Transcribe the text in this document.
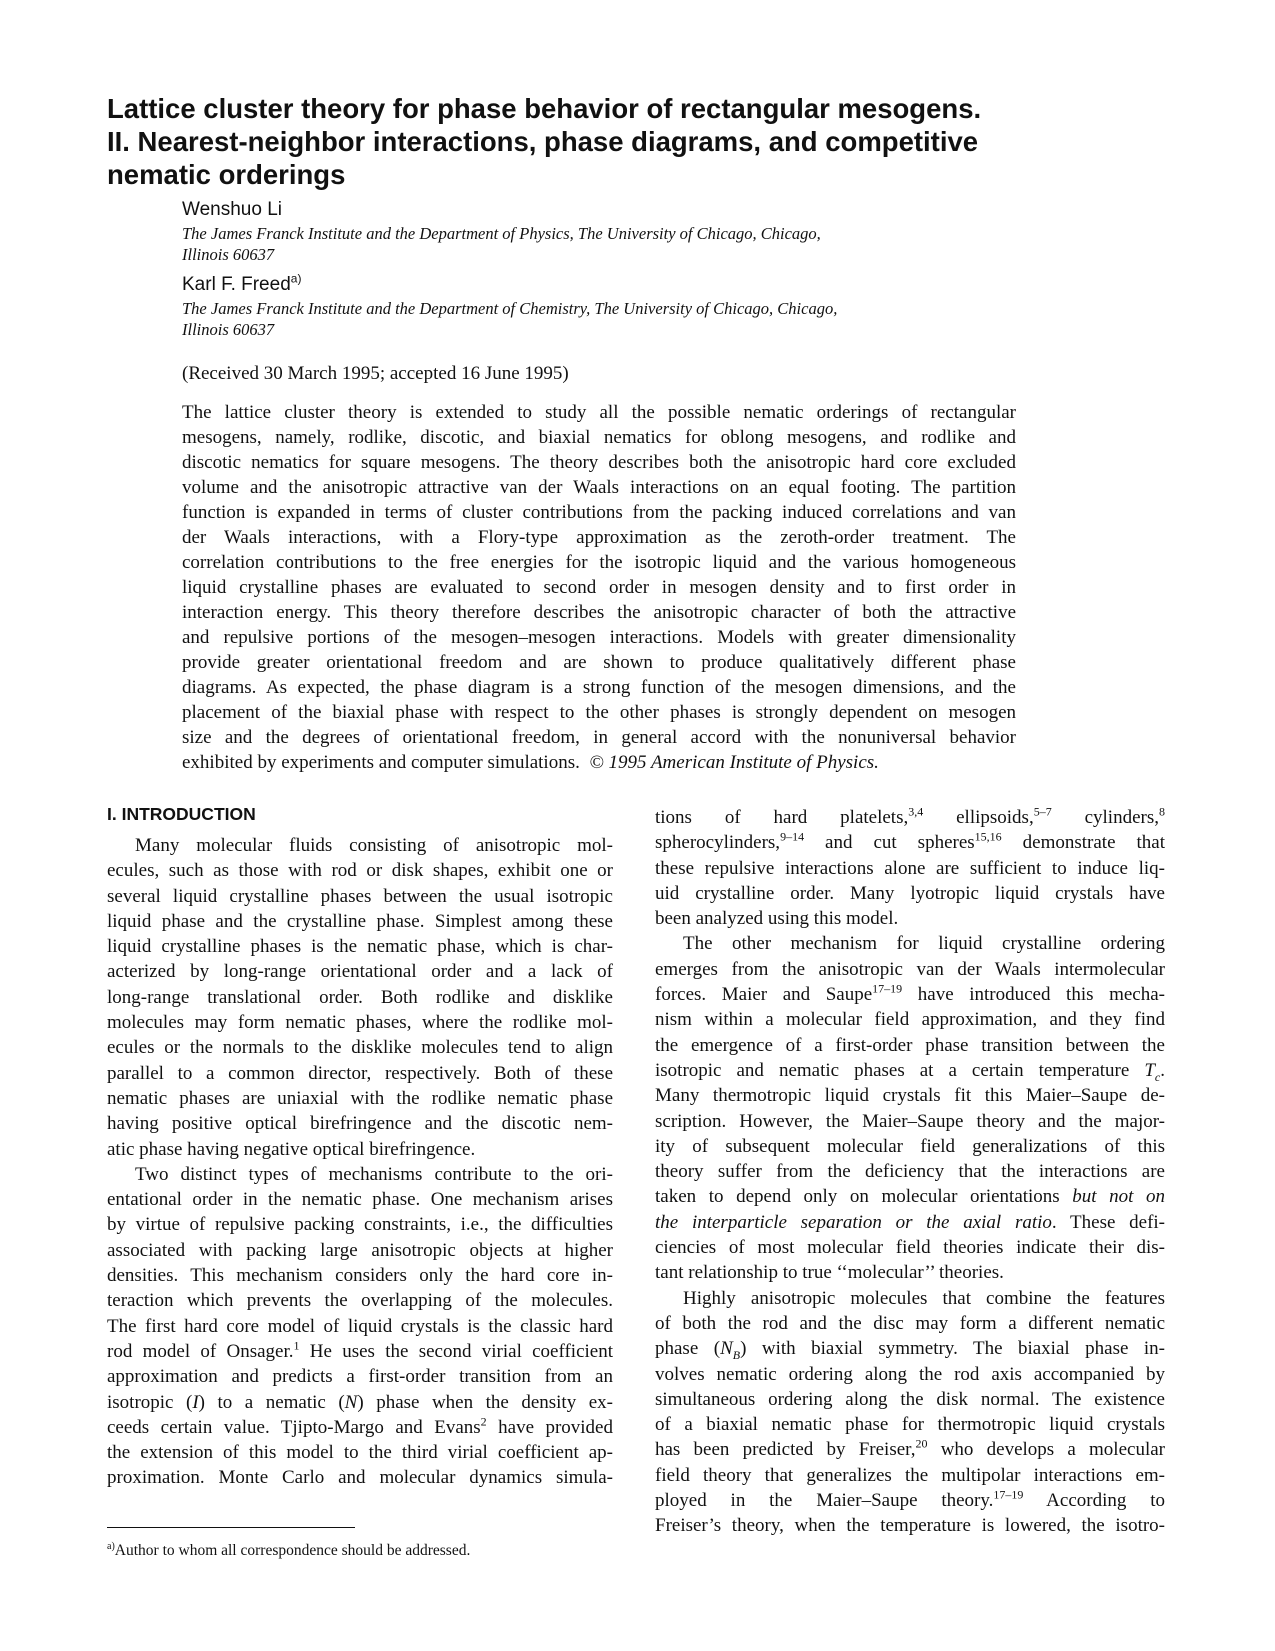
Lattice cluster theory for phase behavior of rectangular mesogens.
II. Nearest-neighbor interactions, phase diagrams, and competitive
nematic orderings
Wenshuo Li
The James Franck Institute and the Department of Physics, The University of Chicago, Chicago,
Illinois 60637
Karl F. Freed$^{a)}$
The James Franck Institute and the Department of Chemistry, The University of Chicago, Chicago,
Illinois 60637
(Received 30 March 1995; accepted 16 June 1995)
The lattice cluster theory is extended to study all the possible nematic orderings of rectangular
mesogens, namely, rodlike, discotic, and biaxial nematics for oblong mesogens, and rodlike and
discotic nematics for square mesogens. The theory describes both the anisotropic hard core excluded
volume and the anisotropic attractive van der Waals interactions on an equal footing. The partition
function is expanded in terms of cluster contributions from the packing induced correlations and van
der Waals interactions, with a Flory-type approximation as the zeroth-order treatment. The
correlation contributions to the free energies for the isotropic liquid and the various homogeneous
liquid crystalline phases are evaluated to second order in mesogen density and to first order in
interaction energy. This theory therefore describes the anisotropic character of both the attractive
and repulsive portions of the mesogen–mesogen interactions. Models with greater dimensionality
provide greater orientational freedom and are shown to produce qualitatively different phase
diagrams. As expected, the phase diagram is a strong function of the mesogen dimensions, and the
placement of the biaxial phase with respect to the other phases is strongly dependent on mesogen
size and the degrees of orientational freedom, in general accord with the nonuniversal behavior
exhibited by experiments and computer simulations. © 1995 American Institute of Physics.
I. INTRODUCTION
Many molecular fluids consisting of anisotropic mol-
ecules, such as those with rod or disk shapes, exhibit one or
several liquid crystalline phases between the usual isotropic
liquid phase and the crystalline phase. Simplest among these
liquid crystalline phases is the nematic phase, which is char-
acterized by long-range orientational order and a lack of
long-range translational order. Both rodlike and disklike
molecules may form nematic phases, where the rodlike mol-
ecules or the normals to the disklike molecules tend to align
parallel to a common director, respectively. Both of these
nematic phases are uniaxial with the rodlike nematic phase
having positive optical birefringence and the discotic nem-
atic phase having negative optical birefringence.
Two distinct types of mechanisms contribute to the ori-
entational order in the nematic phase. One mechanism arises
by virtue of repulsive packing constraints, i.e., the difficulties
associated with packing large anisotropic objects at higher
densities. This mechanism considers only the hard core in-
teraction which prevents the overlapping of the molecules.
The first hard core model of liquid crystals is the classic hard
rod model of Onsager.$^1$ He uses the second virial coefficient
approximation and predicts a first-order transition from an
isotropic (I) to a nematic (N) phase when the density ex-
ceeds certain value. Tjipto-Margo and Evans$^2$ have provided
the extension of this model to the third virial coefficient ap-
proximation. Monte Carlo and molecular dynamics simula-
tions of hard platelets,$^{3,4}$ ellipsoids,$^{5-7}$ cylinders,$^8$
spherocylinders,$^{9-14}$ and cut spheres$^{15,16}$ demonstrate that
these repulsive interactions alone are sufficient to induce liq-
uid crystalline order. Many lyotropic liquid crystals have
been analyzed using this model.
The other mechanism for liquid crystalline ordering
emerges from the anisotropic van der Waals intermolecular
forces. Maier and Saupe$^{17-19}$ have introduced this mecha-
nism within a molecular field approximation, and they find
the emergence of a first-order phase transition between the
isotropic and nematic phases at a certain temperature $T_c$.
Many thermotropic liquid crystals fit this Maier–Saupe de-
scription. However, the Maier–Saupe theory and the major-
ity of subsequent molecular field generalizations of this
theory suffer from the deficiency that the interactions are
taken to depend only on molecular orientations but not on
the interparticle separation or the axial ratio. These defi-
ciencies of most molecular field theories indicate their dis-
tant relationship to true ‘‘molecular’’ theories.
Highly anisotropic molecules that combine the features
of both the rod and the disc may form a different nematic
phase $(N_B)$ with biaxial symmetry. The biaxial phase in-
volves nematic ordering along the rod axis accompanied by
simultaneous ordering along the disk normal. The existence
of a biaxial nematic phase for thermotropic liquid crystals
has been predicted by Freiser,$^{20}$ who develops a molecular
field theory that generalizes the multipolar interactions em-
ployed in the Maier–Saupe theory.$^{17-19}$ According to
Freiser’s theory, when the temperature is lowered, the isotro-
$^{a)}$Author to whom all correspondence should be addressed.
